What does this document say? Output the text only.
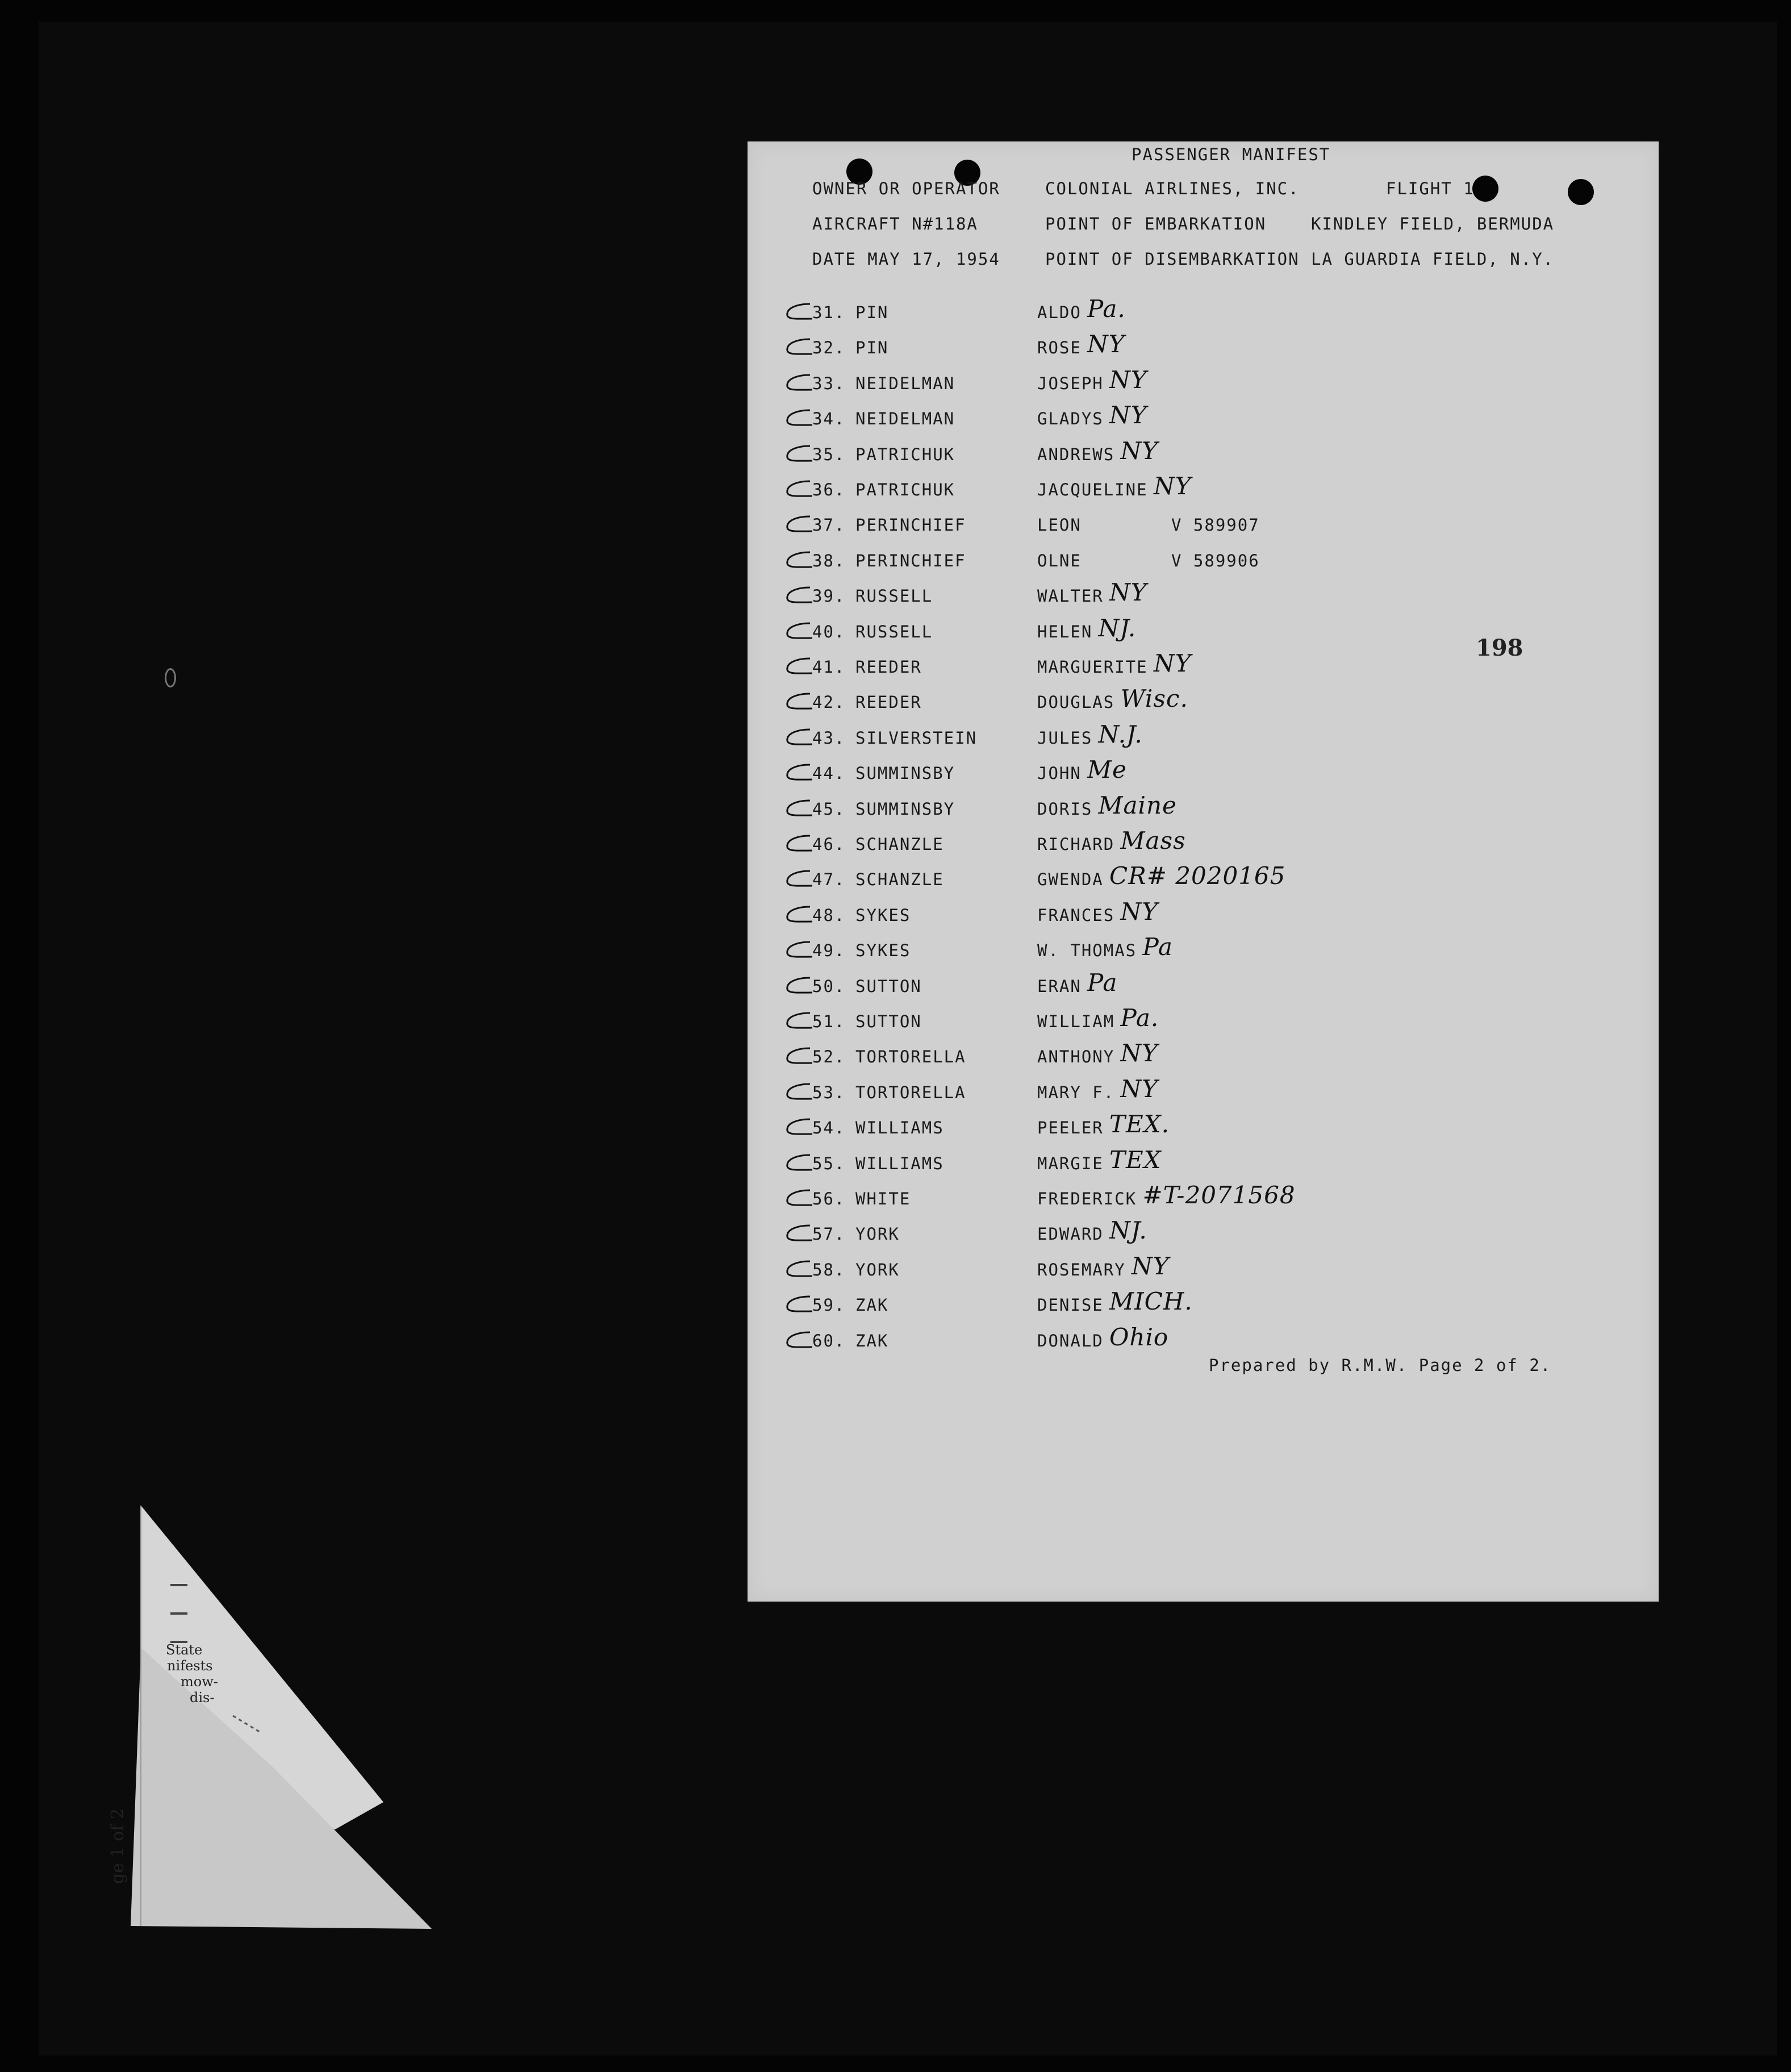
PASSENGER MANIFEST
OWNER OR OPERATOR	COLONIAL AIRLINES, INC.	FLIGHT 1
AIRCRAFT N#118A	POINT OF EMBARKATION	KINDLEY FIELD, BERMUDA
DATE MAY 17, 1954	POINT OF DISEMBARKATION LA GUARDIA FIELD, N.Y.
31. PIN	ALDO Pa.
32. PIN	ROSE NY
33. NEIDELMAN	JOSEPH NY
34. NEIDELMAN	GLADYS NY
35. PATRICHUK	ANDREWS NY
36. PATRICHUK	JACQUELINE NY
37. PERINCHIEF	LEON	V 589907
38. PERINCHIEF	OLNE	V 589906
39. RUSSELL	WALTER NY
40. RUSSELL	HELEN NJ.
41. REEDER	MARGUERITE NY
42. REEDER	DOUGLAS Wisc.
43. SILVERSTEIN	JULES N.J.
44. SUMMINSBY	JOHN Me
45. SUMMINSBY	DORIS Maine
46. SCHANZLE	RICHARD Mass
47. SCHANZLE	GWENDA CR# 2020165
48. SYKES	FRANCES NY
49. SYKES	W. THOMAS Pa
50. SUTTON	ERAN Pa
51. SUTTON	WILLIAM Pa.
52. TORTORELLA	ANTHONY NY
53. TORTORELLA	MARY F. NY
54. WILLIAMS	PEELER TEX.
55. WILLIAMS	MARGIE TEX
56. WHITE	FREDERICK #T-2071568
57. YORK	EDWARD NJ.
58. YORK	ROSEMARY NY
59. ZAK	DENISE MICH.
60. ZAK	DONALD Ohio
198
Prepared by R.M.W. Page 2 of 2.
State
nifests
mow-
dis-
ge 1 of 2
